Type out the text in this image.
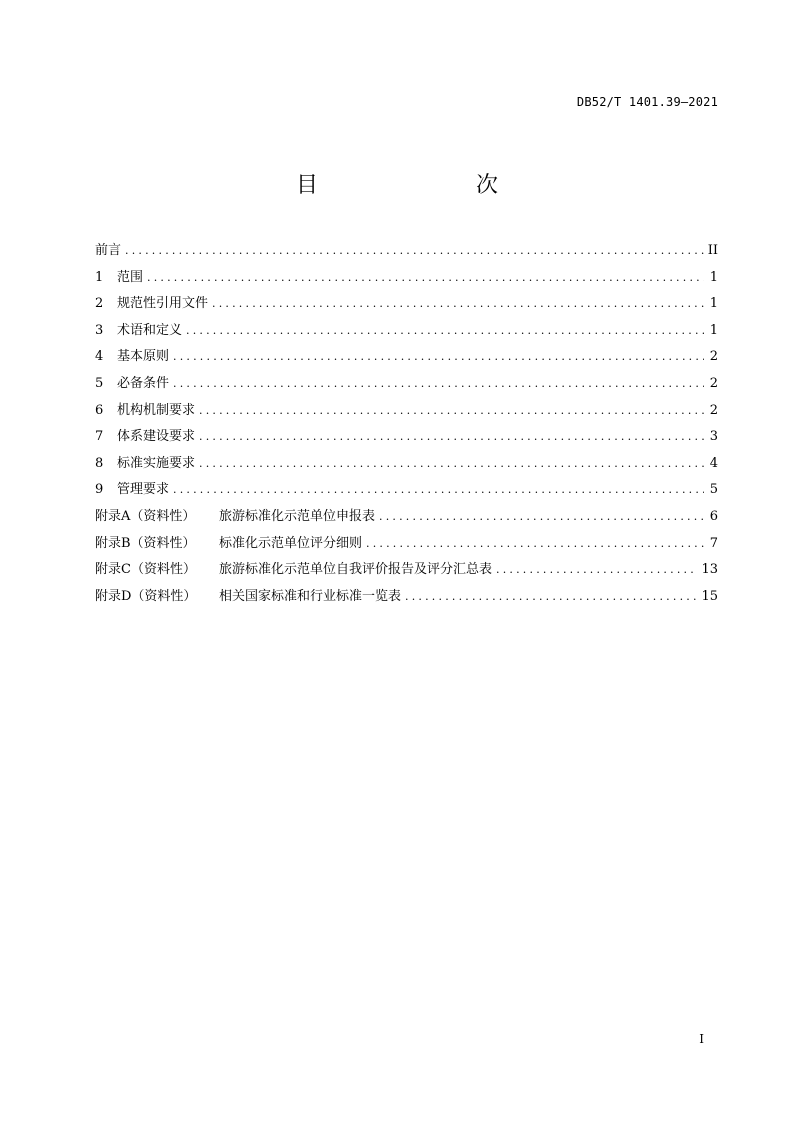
DB52/T 1401.39—2021
目　　次
前言 .....	II
1	范围 .....	1
2	规范性引用文件 .....	1
3	术语和定义 .....	1
4	基本原则 .....	2
5	必备条件 .....	2
6	机构机制要求 .....	2
7	体系建设要求 .....	3
8	标准实施要求 .....	4
9	管理要求 .....	5
附录A（资料性）	旅游标准化示范单位申报表 .....	6
附录B（资料性）	标准化示范单位评分细则 .....	7
附录C（资料性）	旅游标准化示范单位自我评价报告及评分汇总表 .....	13
附录D（资料性）	相关国家标准和行业标准一览表 .....	15
I
